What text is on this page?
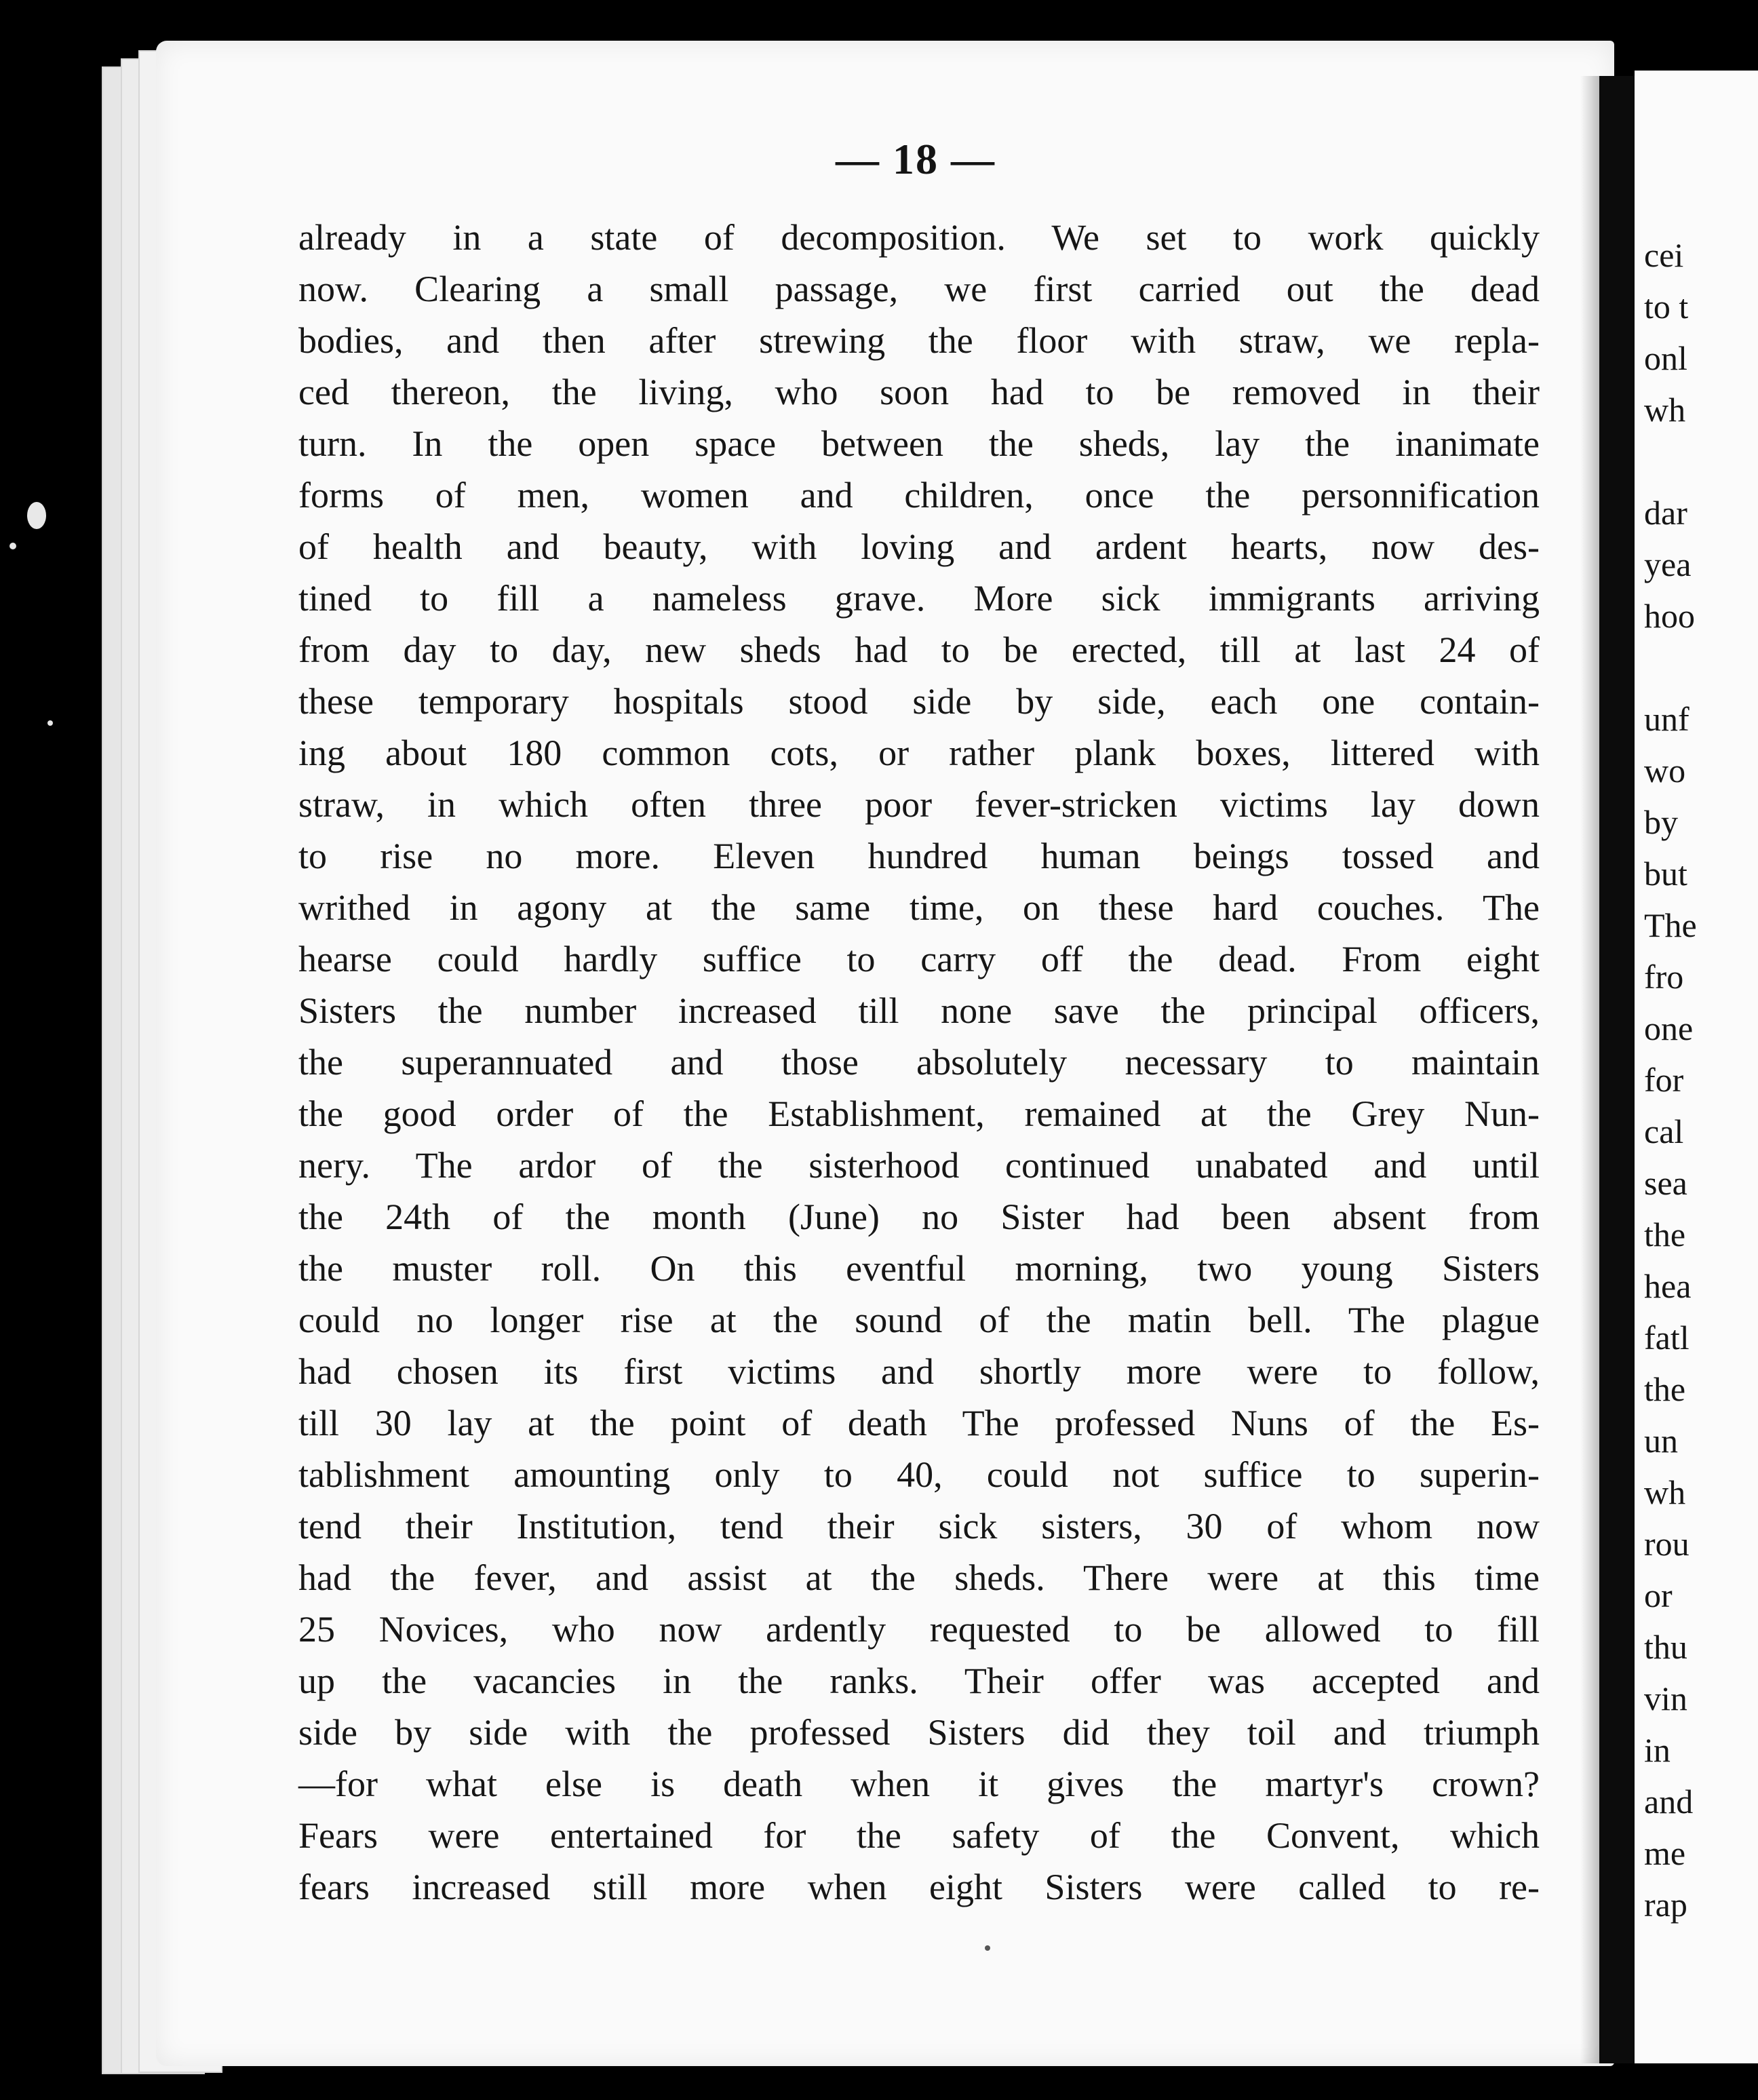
cei
to t
onl
wh
dar
yea
hoo
unf
wo
by
but
The
fro
one
for
cal
sea
the
hea
fatl
the
un
wh
rou
or
thu
vin
in
and
me
rap
— 18 —
already in a state of decomposition. We set to work quickly
now. Clearing a small passage, we first carried out the dead
bodies, and then after strewing the floor with straw, we repla-
ced thereon, the living, who soon had to be removed in their
turn. In the open space between the sheds, lay the inanimate
forms of men, women and children, once the personnification
of health and beauty, with loving and ardent hearts, now des-
tined to fill a nameless grave. More sick immigrants arriving
from day to day, new sheds had to be erected, till at last 24 of
these temporary hospitals stood side by side, each one contain-
ing about 180 common cots, or rather plank boxes, littered with
straw, in which often three poor fever-stricken victims lay down
to rise no more. Eleven hundred human beings tossed and
writhed in agony at the same time, on these hard couches. The
hearse could hardly suffice to carry off the dead. From eight
Sisters the number increased till none save the principal officers,
the superannuated and those absolutely necessary to maintain
the good order of the Establishment, remained at the Grey Nun-
nery. The ardor of the sisterhood continued unabated and until
the 24th of the month (June) no Sister had been absent from
the muster roll. On this eventful morning, two young Sisters
could no longer rise at the sound of the matin bell. The plague
had chosen its first victims and shortly more were to follow,
till 30 lay at the point of death The professed Nuns of the Es-
tablishment amounting only to 40, could not suffice to superin-
tend their Institution, tend their sick sisters, 30 of whom now
had the fever, and assist at the sheds. There were at this time
25 Novices, who now ardently requested to be allowed to fill
up the vacancies in the ranks. Their offer was accepted and
side by side with the professed Sisters did they toil and triumph
—for what else is death when it gives the martyr's crown?
Fears were entertained for the safety of the Convent, which
fears increased still more when eight Sisters were called to re-
